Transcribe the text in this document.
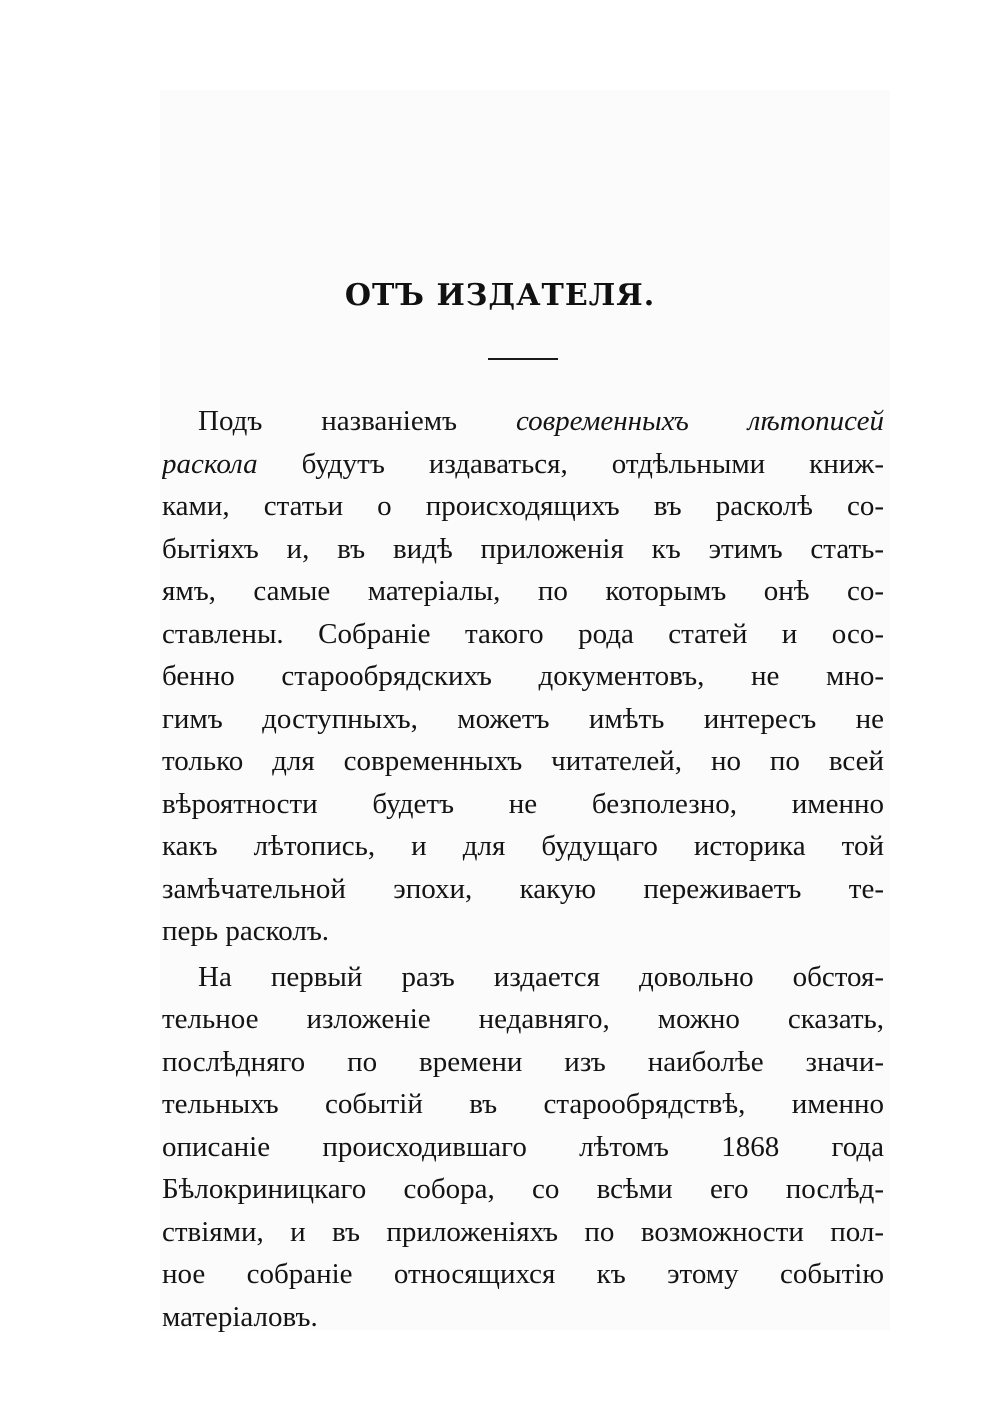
ОТЪ ИЗДАТЕЛЯ.
Подъ названіемъ современныхъ лѣтописей
раскола будутъ издаваться, отдѣльными книж-
ками, статьи о происходящихъ въ расколѣ со-
бытіяхъ и, въ видѣ приложенія къ этимъ стать-
ямъ, самые матеріалы, по которымъ онѣ со-
ставлены. Собраніе такого рода статей и осо-
бенно старообрядскихъ документовъ, не мно-
гимъ доступныхъ, можетъ имѣть интересъ не
только для современныхъ читателей, но по всей
вѣроятности будетъ не безполезно, именно
какъ лѣтопись, и для будущаго историка той
замѣчательной эпохи, какую переживаетъ те-
перь расколъ.
На первый разъ издается довольно обстоя-
тельное изложеніе недавняго, можно сказать,
послѣдняго по времени изъ наиболѣе значи-
тельныхъ событій въ старообрядствѣ, именно
описаніе происходившаго лѣтомъ 1868 года
Бѣлокриницкаго собора, со всѣми его послѣд-
ствіями, и въ приложеніяхъ по возможности пол-
ное собраніе относящихся къ этому событію
матеріаловъ.
